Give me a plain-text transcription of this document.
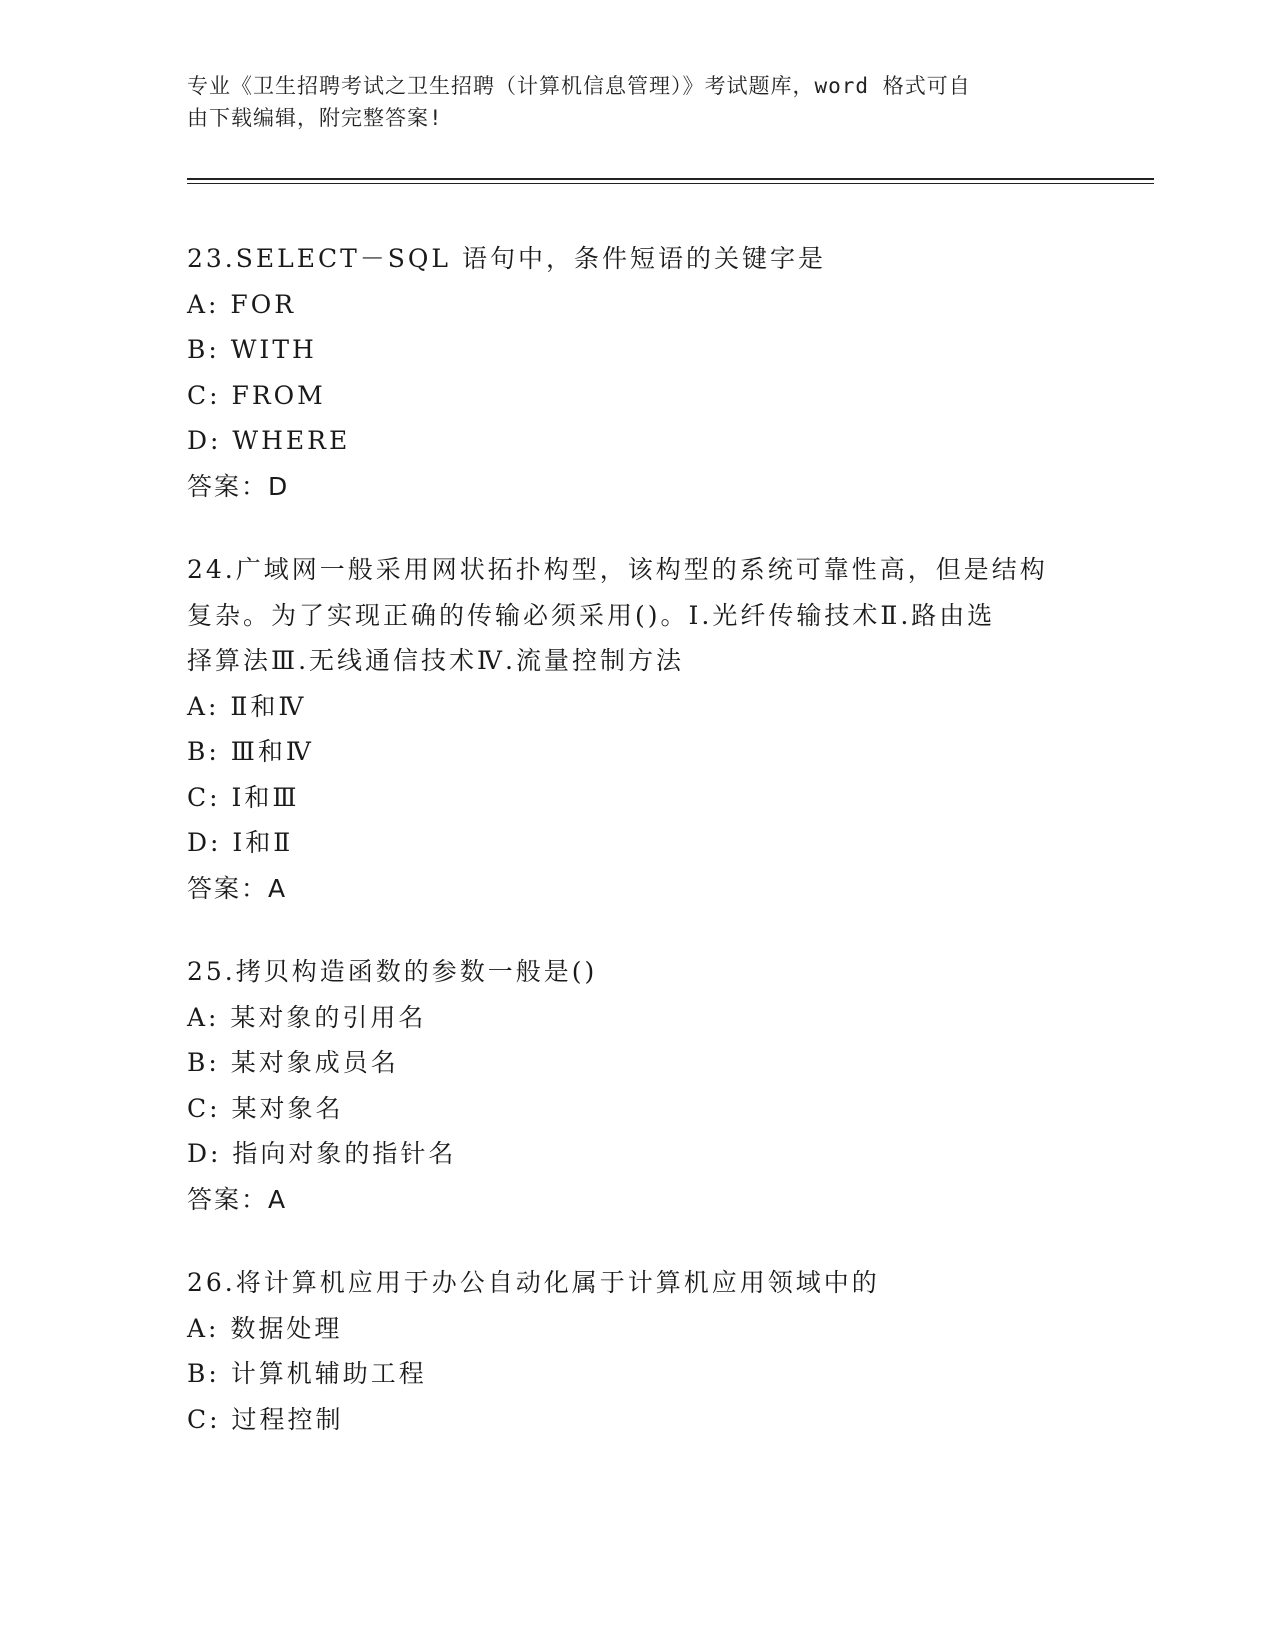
专业《卫生招聘考试之卫生招聘（计算机信息管理）》考试题库，word 格式可自
由下载编辑，附完整答案!

23.SELECT－SQL 语句中，条件短语的关键字是

A: FOR

B: WITH

C: FROM

D: WHERE

答案：D

24.广域网一般采用网状拓扑构型，该构型的系统可靠性高，但是结构

复杂。为了实现正确的传输必须采用()。Ⅰ.光纤传输技术Ⅱ.路由选

择算法Ⅲ.无线通信技术Ⅳ.流量控制方法

A: Ⅱ和Ⅳ

B: Ⅲ和Ⅳ

C: Ⅰ和Ⅲ

D: Ⅰ和Ⅱ

答案：A

25.拷贝构造函数的参数一般是()

A: 某对象的引用名

B: 某对象成员名

C: 某对象名

D: 指向对象的指针名

答案：A

26.将计算机应用于办公自动化属于计算机应用领域中的

A: 数据处理

B: 计算机辅助工程

C: 过程控制
